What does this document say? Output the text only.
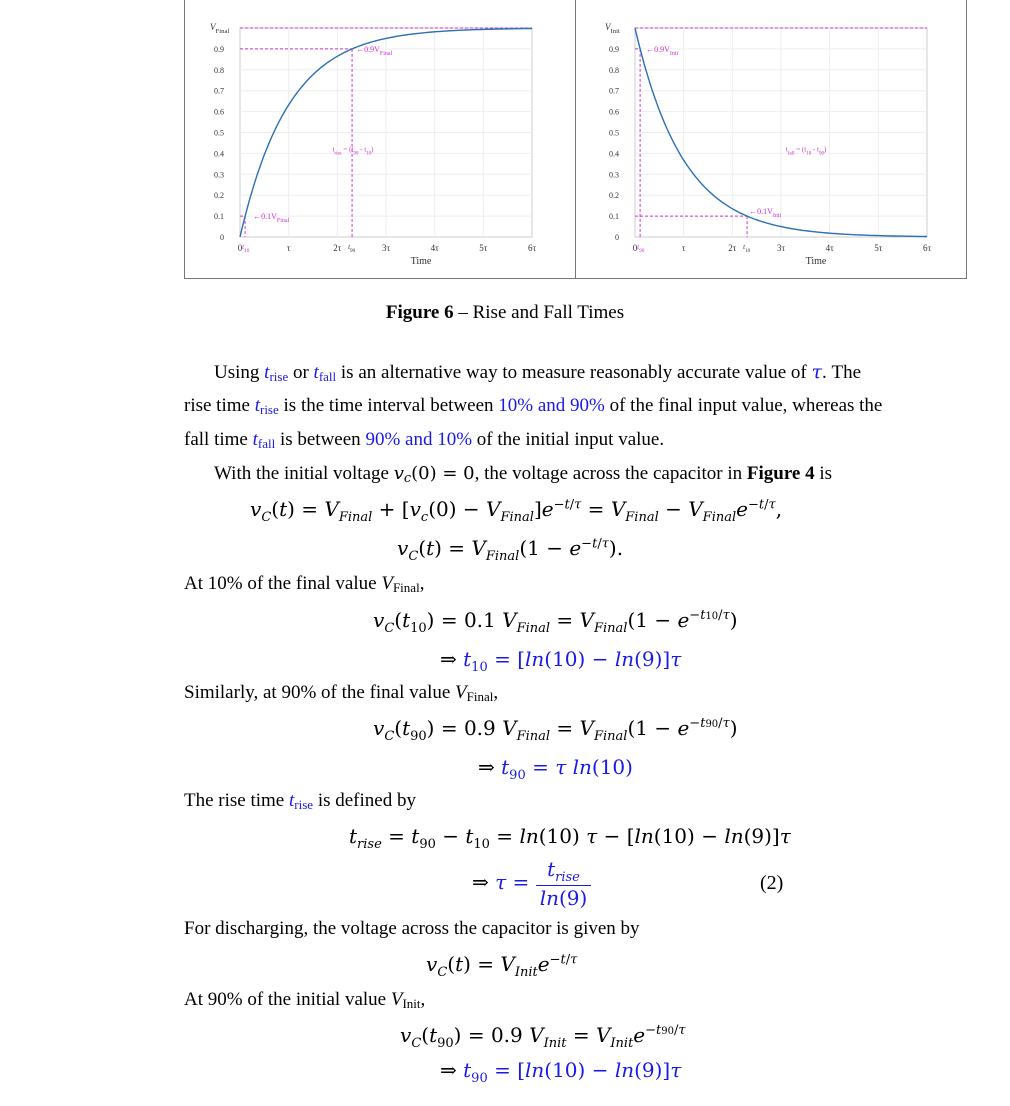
0.9
0.8
0.7
0.6
0.5
0.4
0.3
0.2
0.1
0
$V_{Final}$
0	τ	2τ	3τ	4τ	5τ	6τ
Time
$\leftarrow 0.9V_{Final}$
$\leftarrow 0.1V_{Final}$
$t_{10}$	$t_{90}$
$t_{rise} = (t_{90} - t_{10})$
0.9
0.8
0.7
0.6
0.5
0.4
0.3
0.2
0.1
0
$V_{Init}$
0	τ	2τ	3τ	4τ	5τ	6τ
Time
$\leftarrow 0.9V_{Init}$
$\leftarrow 0.1V_{Init}$
$t_{90}$	$t_{10}$
$t_{fall} = (t_{10} - t_{90})$
Figure 6 – Rise and Fall Times
Using trise or tfall is an alternative way to measure reasonably accurate value of τ. The
rise time trise is the time interval between 10% and 90% of the final input value, whereas the
fall time tfall is between 90% and 10% of the initial input value.
With the initial voltage vc(0) = 0, the voltage across the capacitor in Figure 4 is
$v_C(t) = V_{Final} + [v_c(0) - V_{Final}]e^{-t/\tau} = V_{Final} - V_{Final}e^{-t/\tau}$,
$v_C(t) = V_{Final}(1 - e^{-t/\tau})$.
At 10% of the final value VFinal,
$v_C(t_{10}) = 0.1$ $V_{Final} = V_{Final}(1 - e^{-t10/\tau})$
⇒ $t_{10} = [\ln(10) - \ln(9)]\tau$
Similarly, at 90% of the final value VFinal,
$v_C(t_{90}) = 0.9$ $V_{Final} = V_{Final}(1 - e^{-t90/\tau})$
⇒ $t_{90} = \tau$ ln(10)
The rise time trise is defined by
$t_{rise} = t_{90} - t_{10} = \ln(10) \tau - [\ln(10) - \ln(9)]\tau$
⇒ $\tau = \frac{t_{rise}}{\ln(9)}$	(2)
For discharging, the voltage across the capacitor is given by
$v_C(t) = V_{Init}e^{-t/\tau}$
At 90% of the initial value VInit,
$v_C(t_{90}) = 0.9$ $V_{Init} = V_{Init}e^{-t90/\tau}$
⇒ $t_{90} = [\ln(10) - \ln(9)]\tau$
